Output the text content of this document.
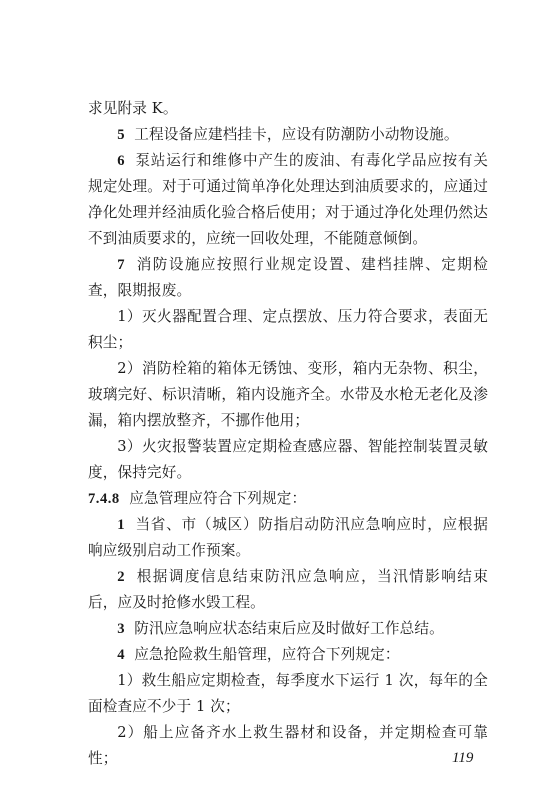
求见附录 K。

5 工程设备应建档挂卡，应设有防潮防小动物设施。

6 泵站运行和维修中产生的废油、有毒化学品应按有关规定处理。对于可通过简单净化处理达到油质要求的，应通过净化处理并经油质化验合格后使用；对于通过净化处理仍然达不到油质要求的，应统一回收处理，不能随意倾倒。

7 消防设施应按照行业规定设置、建档挂牌、定期检查，限期报废。

1）灭火器配置合理、定点摆放、压力符合要求，表面无积尘；

2）消防栓箱的箱体无锈蚀、变形，箱内无杂物、积尘，玻璃完好、标识清晰，箱内设施齐全。水带及水枪无老化及渗漏，箱内摆放整齐，不挪作他用；

3）火灾报警装置应定期检查感应器、智能控制装置灵敏度，保持完好。

7.4.8 应急管理应符合下列规定：

1 当省、市（城区）防指启动防汛应急响应时，应根据响应级别启动工作预案。

2 根据调度信息结束防汛应急响应，当汛情影响结束后，应及时抢修水毁工程。

3 防汛应急响应状态结束后应及时做好工作总结。

4 应急抢险救生船管理，应符合下列规定：

1）救生船应定期检查，每季度水下运行 1 次，每年的全面检查应不少于 1 次；

2）船上应备齐水上救生器材和设备，并定期检查可靠性；	119
